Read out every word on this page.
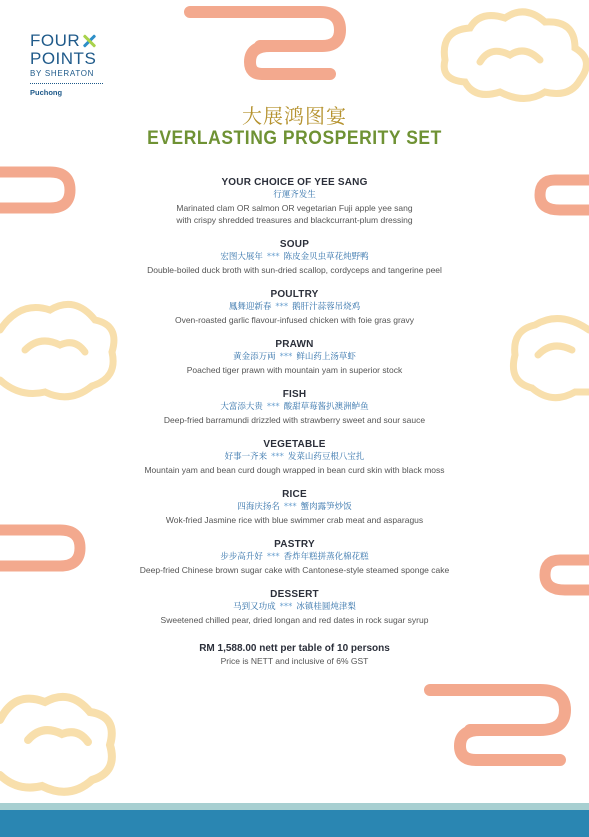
FOUR
POINTS
BY SHERATON
Puchong
大展鸿图宴
EVERLASTING PROSPERITY SET
YOUR CHOICE OF YEE SANG
行運齐发生
Marinated clam OR salmon OR vegetarian Fuji apple yee sang
with crispy shredded treasures and blackcurrant-plum dressing
SOUP
宏图大展年 *** 陈皮金贝虫草花炖野鸭
Double-boiled duck broth with sun-dried scallop, cordyceps and tangerine peel
POULTRY
鳳舞迎新春 *** 鹅肝汁蒜蓉吊烧鸡
Oven-roasted garlic flavour-infused chicken with foie gras gravy
PRAWN
黄金添万両 *** 鲜山药上汤草虾
Poached tiger prawn with mountain yam in superior stock
FISH
大富添大贵 *** 酸甜草莓酱扒澳洲鲈鱼
Deep-fried barramundi drizzled with strawberry sweet and sour sauce
VEGETABLE
好事一齐来 *** 发菜山药豆根八宝扎
Mountain yam and bean curd dough wrapped in bean curd skin with black moss
RICE
四海庆扬名 *** 蟹肉露笋炒饭
Wok-fried Jasmine rice with blue swimmer crab meat and asparagus
PASTRY
步步高升好 *** 香炸年糕拼蒸化棉花糕
Deep-fried Chinese brown sugar cake with Cantonese-style steamed sponge cake
DESSERT
马到又功成 *** 冰镇桂圆炖津梨
Sweetened chilled pear, dried longan and red dates in rock sugar syrup
RM 1,588.00 nett per table of 10 persons
Price is NETT and inclusive of 6% GST
